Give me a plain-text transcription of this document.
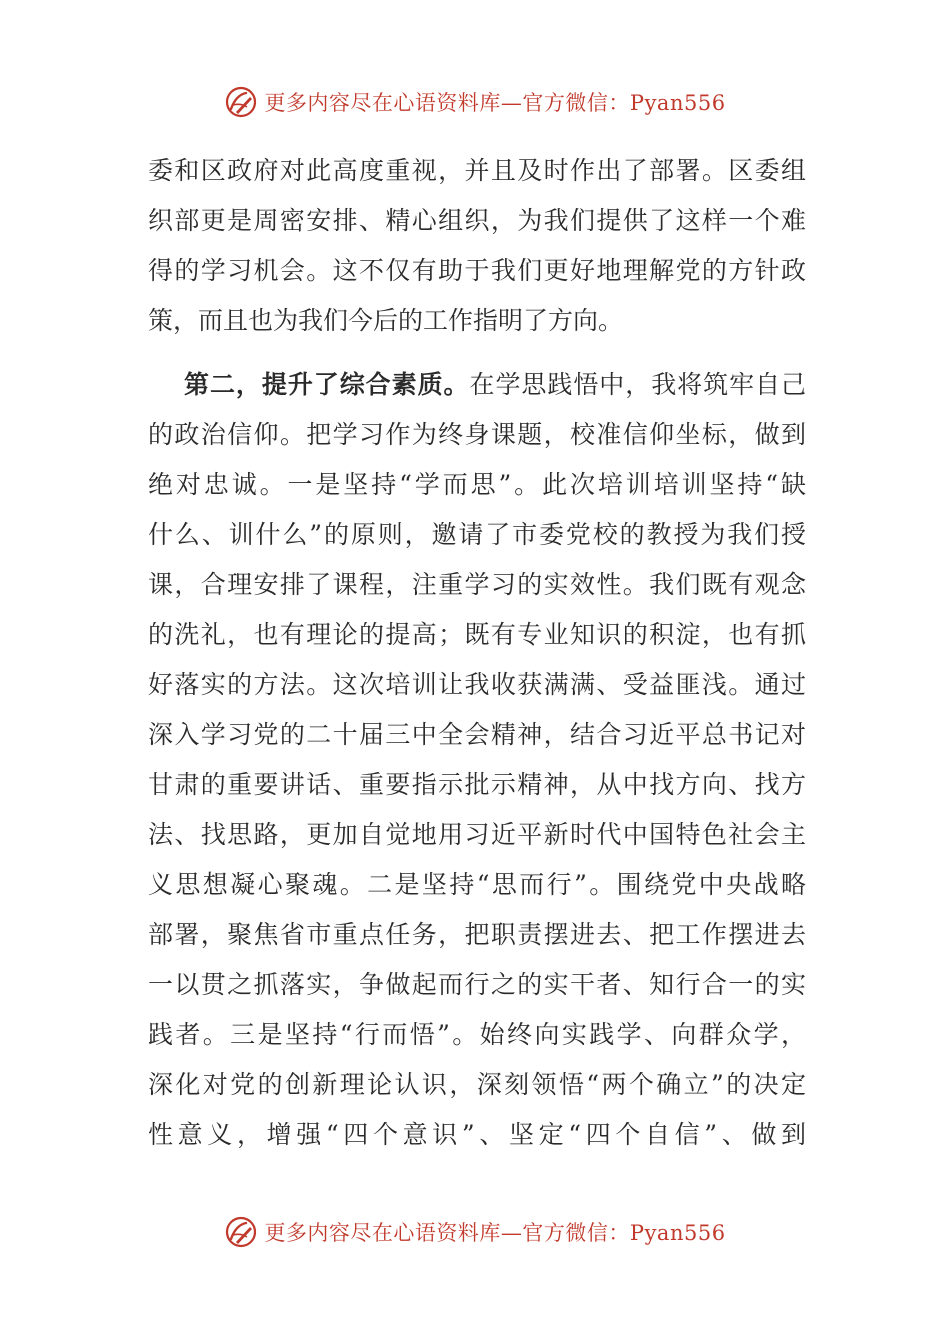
更多内容尽在心语资料库—官方微信：Pyan556
委和区政府对此高度重视，并且及时作出了部署。区委组
织部更是周密安排、精心组织，为我们提供了这样一个难
得的学习机会。这不仅有助于我们更好地理解党的方针政
策，而且也为我们今后的工作指明了方向。
第二，提升了综合素质。在学思践悟中，我将筑牢自己
的政治信仰。把学习作为终身课题，校准信仰坐标，做到
绝对忠诚。一是坚持“学而思”。此次培训培训坚持“缺
什么、训什么”的原则，邀请了市委党校的教授为我们授
课，合理安排了课程，注重学习的实效性。我们既有观念
的洗礼，也有理论的提高；既有专业知识的积淀，也有抓
好落实的方法。这次培训让我收获满满、受益匪浅。通过
深入学习党的二十届三中全会精神，结合习近平总书记对
甘肃的重要讲话、重要指示批示精神，从中找方向、找方
法、找思路，更加自觉地用习近平新时代中国特色社会主
义思想凝心聚魂。二是坚持“思而行”。围绕党中央战略
部署，聚焦省市重点任务，把职责摆进去、把工作摆进去
一以贯之抓落实，争做起而行之的实干者、知行合一的实
践者。三是坚持“行而悟”。始终向实践学、向群众学，
深化对党的创新理论认识，深刻领悟“两个确立”的决定
性意义，增强“四个意识”、坚定“四个自信”、做到
更多内容尽在心语资料库—官方微信：Pyan556
